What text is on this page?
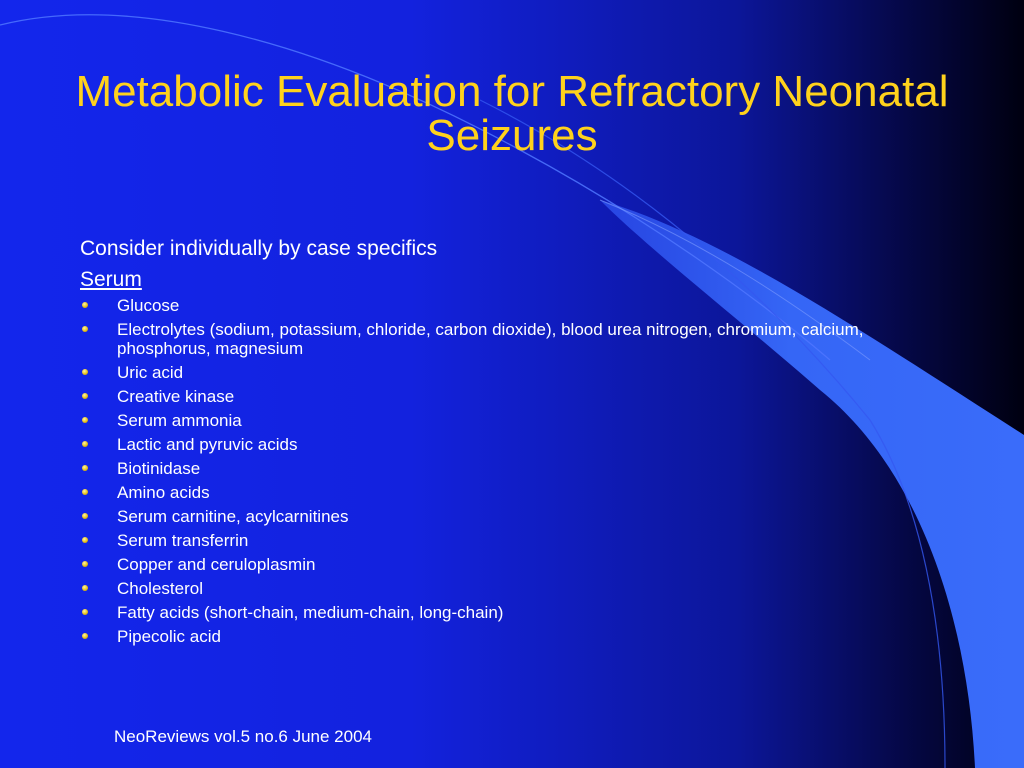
Metabolic Evaluation for Refractory Neonatal Seizures
Consider individually by case specifics
Serum
Glucose
Electrolytes (sodium, potassium, chloride, carbon dioxide), blood urea nitrogen, chromium, calcium, phosphorus, magnesium
Uric acid
Creative kinase
Serum ammonia
Lactic and pyruvic acids
Biotinidase
Amino acids
Serum carnitine, acylcarnitines
Serum transferrin
Copper and ceruloplasmin
Cholesterol
Fatty acids (short-chain, medium-chain, long-chain)
Pipecolic acid
NeoReviews vol.5 no.6 June 2004
